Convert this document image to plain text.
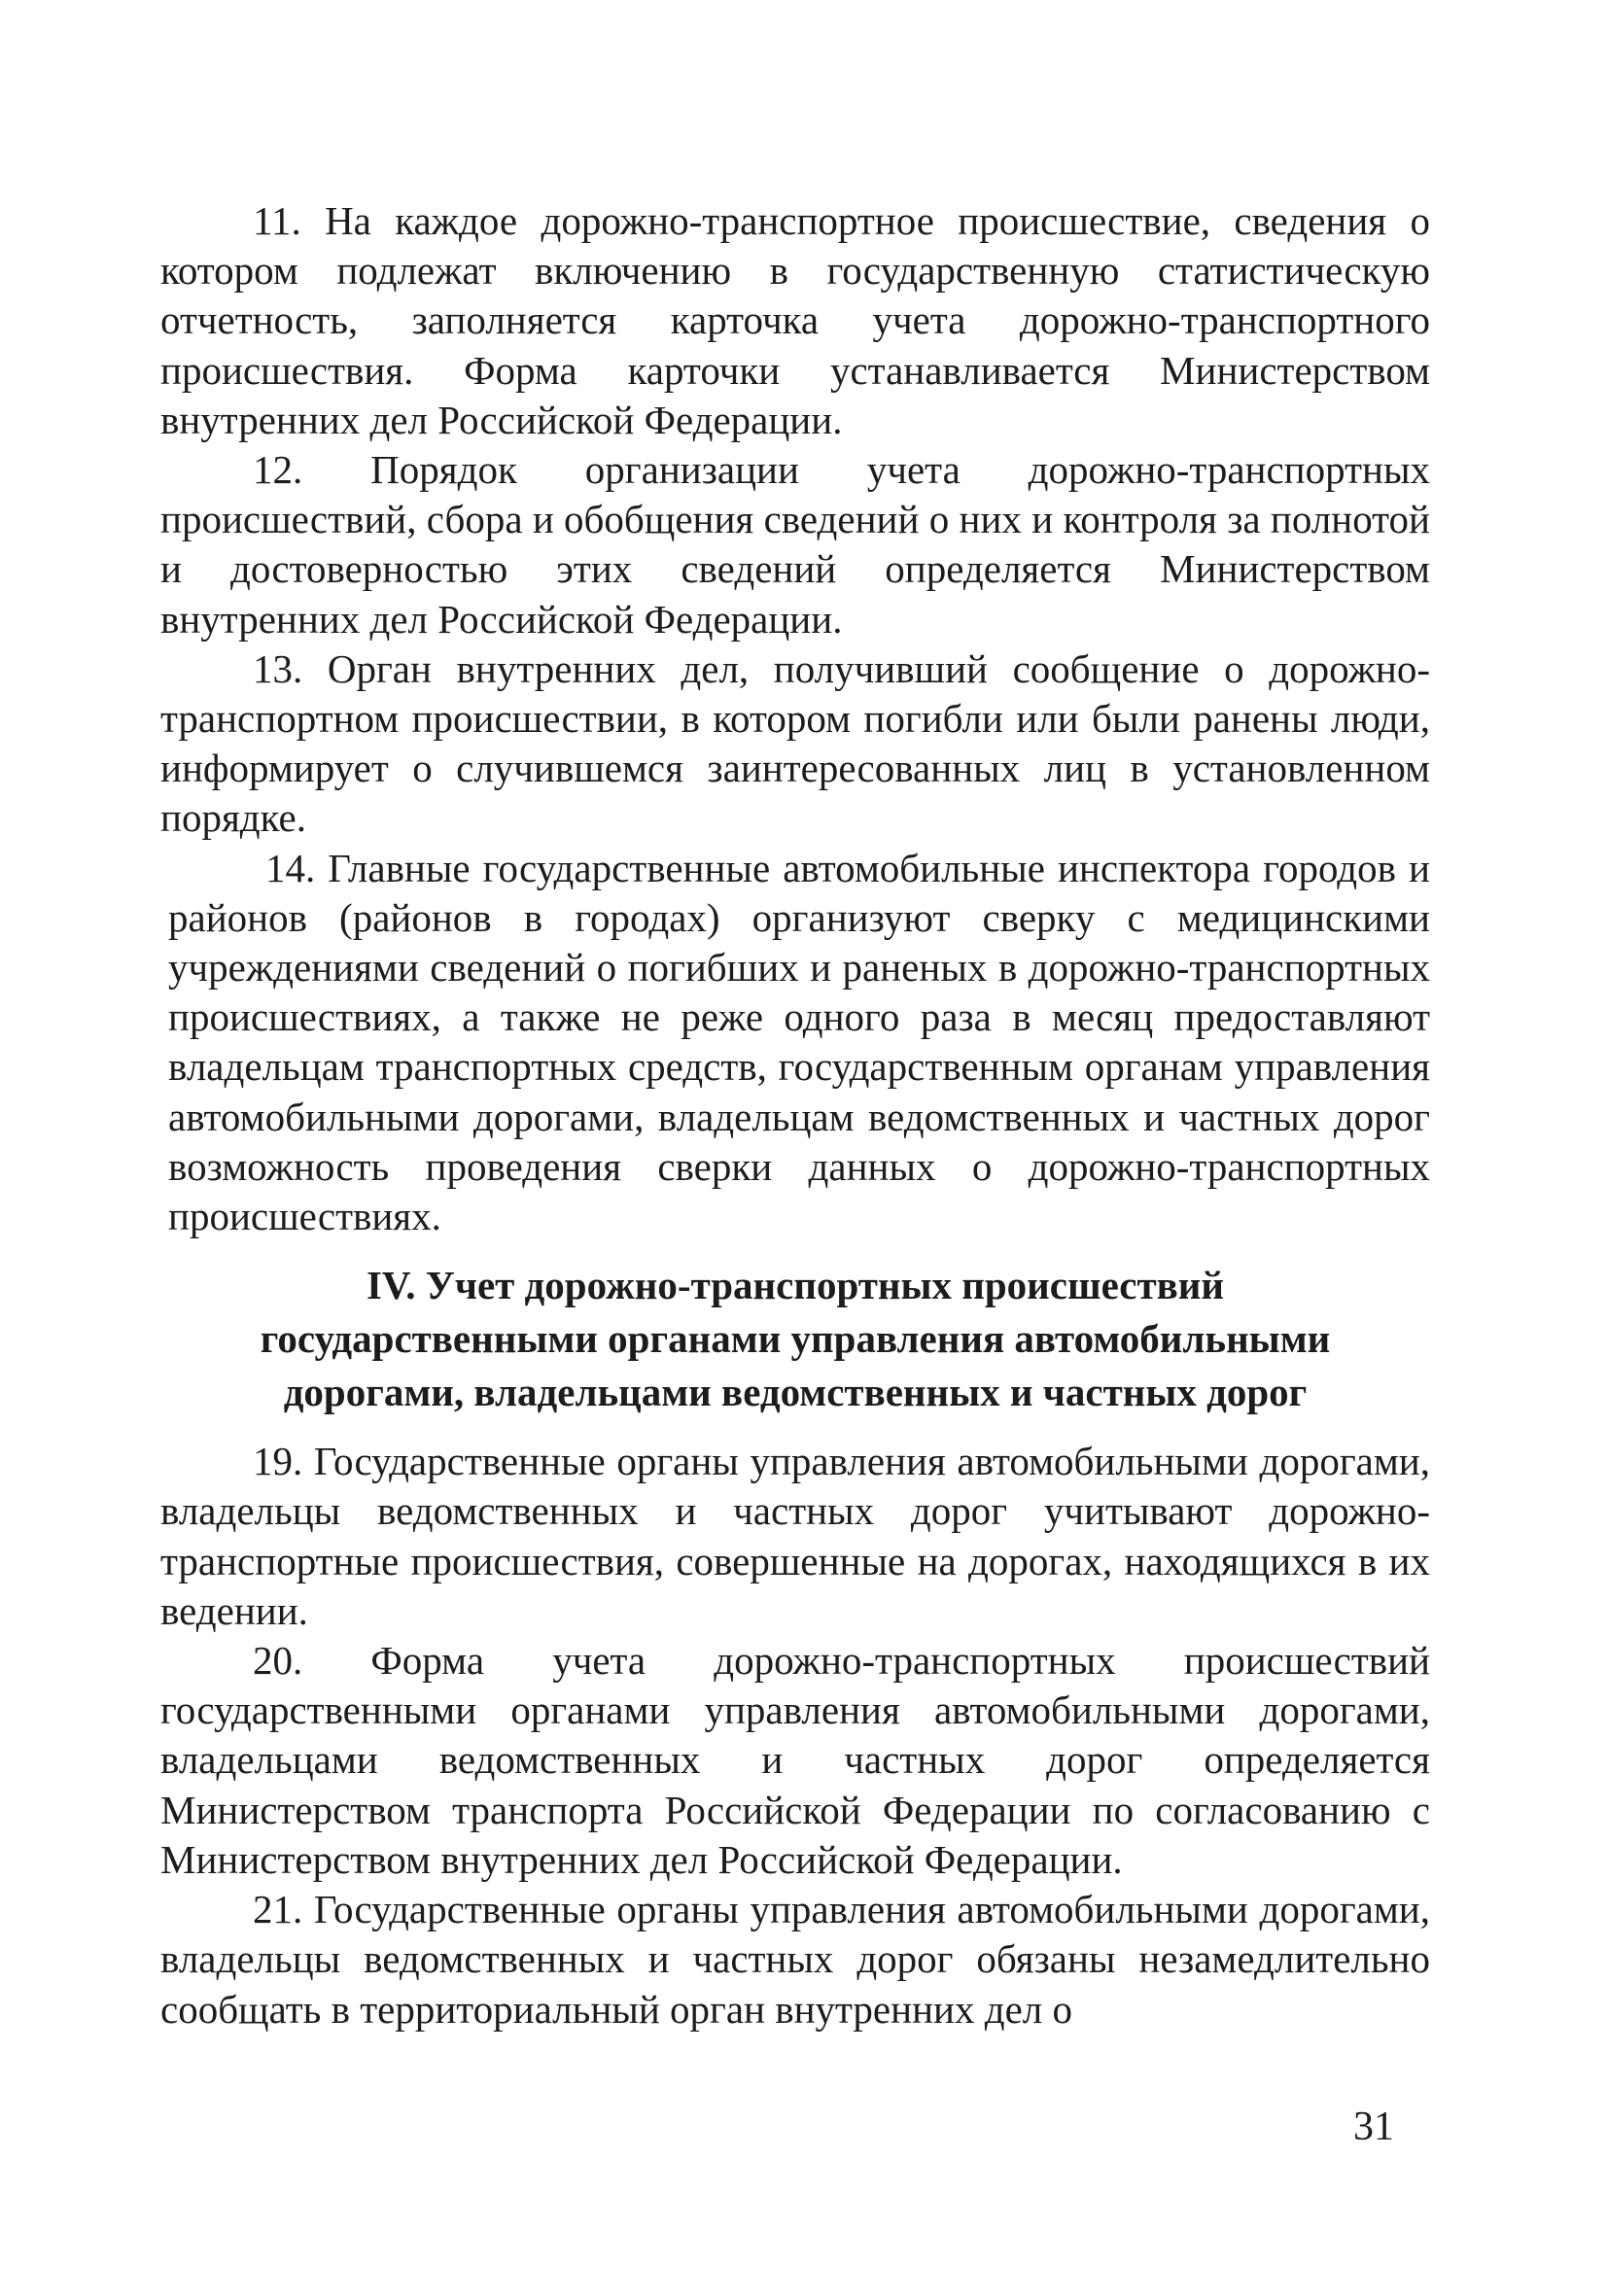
11. На каждое дорожно-транспортное происшествие, сведения о котором подлежат включению в государственную статистическую отчетность, заполняется карточка учета дорожно-транспортного происшествия. Форма карточки устанавливается Министерством внутренних дел Российской Федерации.

12. Порядок организации учета дорожно-транспортных происшествий, сбора и обобщения сведений о них и контроля за полнотой и достоверностью этих сведений определяется Министерством внутренних дел Российской Федерации.

13. Орган внутренних дел, получивший сообщение о дорожно-транспортном происшествии, в котором погибли или были ранены люди, информирует о случившемся заинтересованных лиц в установленном порядке.

14. Главные государственные автомобильные инспектора городов и районов (районов в городах) организуют сверку с медицинскими учреждениями сведений о погибших и раненых в дорожно-транспортных происшествиях, а также не реже одного раза в месяц предоставляют владельцам транспортных средств, государственным органам управления автомобильными дорогами, владельцам ведомственных и частных дорог возможность проведения сверки данных о дорожно-транспортных происшествиях.

IV. Учет дорожно-транспортных происшествий
государственными органами управления автомобильными
дорогами, владельцами ведомственных и частных дорог

19. Государственные органы управления автомобильными дорогами, владельцы ведомственных и частных дорог учитывают дорожно-транспортные происшествия, совершенные на дорогах, находящихся в их ведении.

20. Форма учета дорожно-транспортных происшествий государственными органами управления автомобильными дорогами, владельцами ведомственных и частных дорог определяется Министерством транспорта Российской Федерации по согласованию с Министерством внутренних дел Российской Федерации.

21. Государственные органы управления автомобильными дорогами, владельцы ведомственных и частных дорог обязаны незамедлительно сообщать в территориальный орган внутренних дел о

31
